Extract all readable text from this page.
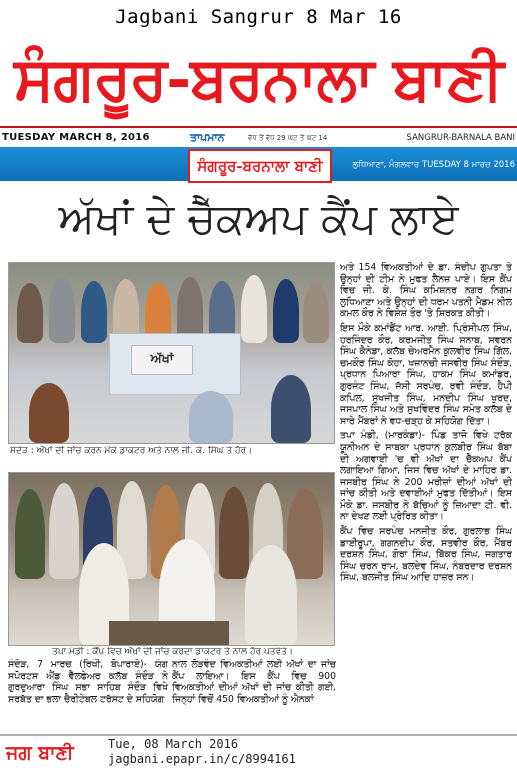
Jagbani Sangrur 8 Mar 16
ਸੰਗਰੂਰ-ਬਰਨਾਲਾ ਬਾਣੀ
TUESDAY MARCH 8, 2016	ਤਾਪਮਾਨ	ਵੱਧ ਤੋਂ ਵੱਧ 29 ਘੱਟ ਤੋਂ ਘੱਟ 14	SANGRUR-BARNALA BANI
ਸੰਗਰੂਰ-ਬਰਨਾਲਾ ਬਾਣੀ	ਲੁਧਿਆਣਾ, ਮੰਗਲਵਾਰ TUESDAY 8 ਮਾਰਚ 2016
ਅੱਖਾਂ ਦੇ ਚੈੱਕਅਪ ਕੈਂਪ ਲਾਏ
ਅੱਖਾਂ
ਸੰਦੌੜ : ਅੱਖਾਂ ਦੀ ਜਾਂਚ ਕਰਨ ਮੌਕੇ ਡਾਕਟਰ ਅਤੇ ਨਾਲ ਜੀ. ਕੇ. ਸਿੰਘ ਤੇ ਹੋਰ।
ਤਪਾ ਮੰਡੀ : ਕੈਂਪ ਵਿਚ ਅੱਖਾਂ ਦੀ ਜਾਂਚ ਕਰਦਾ ਡਾਕਟਰ ਤੇ ਨਾਲ ਹੋਰ ਪਤਵੰਤੇ।

ਅਤੇ 154 ਵਿਅਕਤੀਆਂ ਦੇ ਡਾ. ਸੰਦੀਪ ਗੁਪਤਾ ਤੇ ਉਨ੍ਹਾਂ ਦੀ ਟੀਮ ਨੇ ਮੁਫਤ ਲੈਨਜ਼ ਪਾਏ। ਇਸ ਕੈਂਪ ਵਿਚ ਜੀ. ਕੇ. ਸਿੰਘ ਕਮਿਸ਼ਨਰ ਨਗਰ ਨਿਗਮ ਲੁਧਿਆਣਾ ਅਤੇ ਉਨ੍ਹਾਂ ਦੀ ਧਰਮ ਪਤਨੀ ਮੈਡਮ ਨੀਲ ਕਮਲ ਕੌਰ ਨੇ ਵਿਸ਼ੇਸ਼ ਤੌਰ 'ਤੇ ਸ਼ਿਰਕਤ ਕੀਤੀ।

ਇਸ ਮੌਕੇ ਕਮਾਂਡੈਂਟ ਆਰ. ਆਈ. ਪ੍ਰਿੰਸੀਪਲ ਸਿੰਘ, ਹਰਜਿੰਦਰ ਕੌਰ, ਕਰਮਜੀਤ ਸਿੰਘ ਸਨਾਬ, ਸਵਰਨ ਸਿੰਘ ਕੈਨੇਡਾ, ਕਲੱਬ ਚੇਅਰਮੈਨ ਕੁਲਵੀਰ ਸਿੰਘ ਗਿੱਲ, ਚਮਕੌਰ ਸਿੰਘ ਕੋਹਾ, ਖਜ਼ਾਨਚੀ ਜਸਵੀਰ ਸਿੰਘ ਸੰਦੌੜ, ਪ੍ਰਧਾਨ ਪਿਆਰਾ ਸਿੰਘ, ਹਾਕਮ ਸਿੰਘ ਕਮਾਂਡਰ, ਗੁਰਜੰਟ ਸਿੰਘ, ਜੱਸੀ ਸਰਪੰਚ, ਰਵੀ ਸੰਦੌੜ, ਹੈਪੀ ਕਪਿਲ, ਸੁਖਜੀਤ ਸਿੰਘ, ਮਨਦੀਪ ਸਿੰਘ ਖੁਰਦ, ਜਸਪਾਲ ਸਿੰਘ ਅਤੇ ਸੁਖਵਿੰਦਰ ਸਿੰਘ ਸਮੇਤ ਕਲੱਬ ਦੇ ਸਾਰੇ ਮੈਂਬਰਾਂ ਨੇ ਵਧ-ਚੜ੍ਹ ਕੇ ਸਹਿਯੋਗ ਦਿੱਤਾ।

ਤਪਾ ਮੰਡੀ, (ਮਾਰਕੰਡਾ)- ਪਿੰਡ ਤਾਜੋ ਵਿਖੇ ਟਰੱਕ ਯੂਨੀਅਨ ਦੇ ਸਾਬਕਾ ਪ੍ਰਧਾਨ ਕੁਲਬੀਰ ਸਿੰਘ ਬੱਬਾ ਦੀ ਅਗਵਾਈ 'ਚ ਵੀ ਅੱਖਾਂ ਦਾ ਚੈੱਕਅਪ ਕੈਂਪ ਲਗਾਇਆ ਗਿਆ, ਜਿਸ ਵਿਚ ਅੱਖਾਂ ਦੇ ਮਾਹਿਰ ਡਾ. ਜਸਬੀਰ ਸਿੰਘ ਨੇ 200 ਮਰੀਜ਼ਾਂ ਦੀਆਂ ਅੱਖਾਂ ਦੀ ਜਾਂਚ ਕੀਤੀ ਅਤੇ ਦਵਾਈਆਂ ਮੁਫਤ ਦਿੱਤੀਆਂ। ਇਸ ਮੌਕੇ ਡਾ. ਜਸਬੀਰ ਨੇ ਬੱਚਿਆਂ ਨੂੰ ਜ਼ਿਆਦਾ ਟੀ. ਵੀ. ਨਾ ਦੇਖਣ ਲਈ ਪ੍ਰੇਰਿਤ ਕੀਤਾ।

ਕੈਂਪ ਵਿਚ ਸਰਪੰਚ ਮਨਜੀਤ ਕੌਰ, ਗੁਰਲਾਭ ਸਿੰਘ ਡਾਈਰੂਪਾ, ਗਗਨਦੀਪ ਕੌਰ, ਸਤਵੀਰ ਕੌਰ, ਮੈਂਬਰ ਦਰਸ਼ਨ ਸਿੰਘ, ਗੋਰਾ ਸਿੰਘ, ਬਿੱਕਰ ਸਿੰਘ, ਜਗਤਾਰ ਸਿੰਘ ਚਰਨ ਰਾਮ, ਬਲਦੇਵ ਸਿੰਘ, ਨੰਬਰਦਾਰ ਦਰਸ਼ਨ ਸਿੰਘ, ਬਲਜੀਤ ਸਿੰਘ ਆਦਿ ਹਾਜ਼ਰ ਸਨ।

ਸੰਦੌੜ, 7 ਮਾਰਚ (ਰਿਖੀ, ਬੋਪਾਰਾਏ)- ਯੰਗ ਸਪੋਰਟਸ ਐਂਡ ਵੈੱਲਫੇਅਰ ਕਲੱਬ ਸੰਦੌੜ ਨੇ ਗੁਰਦੁਆਰਾ ਸਿੰਘ ਸਭਾ ਸਾਹਿਬ ਸੰਦੌੜ ਵਿਖੇ ਸਰਬੱਤ ਦਾ ਭਲਾ ਚੈਰੀਟੇਬਲ ਟਰੱਸਟ ਦੇ ਸਹਿਯੋਗ
ਨਾਲ ਲੋੜਵੰਦ ਵਿਅਕਤੀਆਂ ਲਈ ਅੱਖਾਂ ਦਾ ਜਾਂਚ ਕੈਂਪ ਲਾਇਆ। ਇਸ ਕੈਂਪ ਵਿਚ 900 ਵਿਅਕਤੀਆਂ ਦੀਆਂ ਅੱਖਾਂ ਦੀ ਜਾਂਚ ਕੀਤੀ ਗਈ, ਜਿਨ੍ਹਾਂ ਵਿਚੋਂ 450 ਵਿਅਕਤੀਆਂ ਨੂੰ ਐਨਕਾਂ
ਜਗ ਬਾਣੀ	Tue, 08 March 2016
jagbani.epapr.in/c/8994161
